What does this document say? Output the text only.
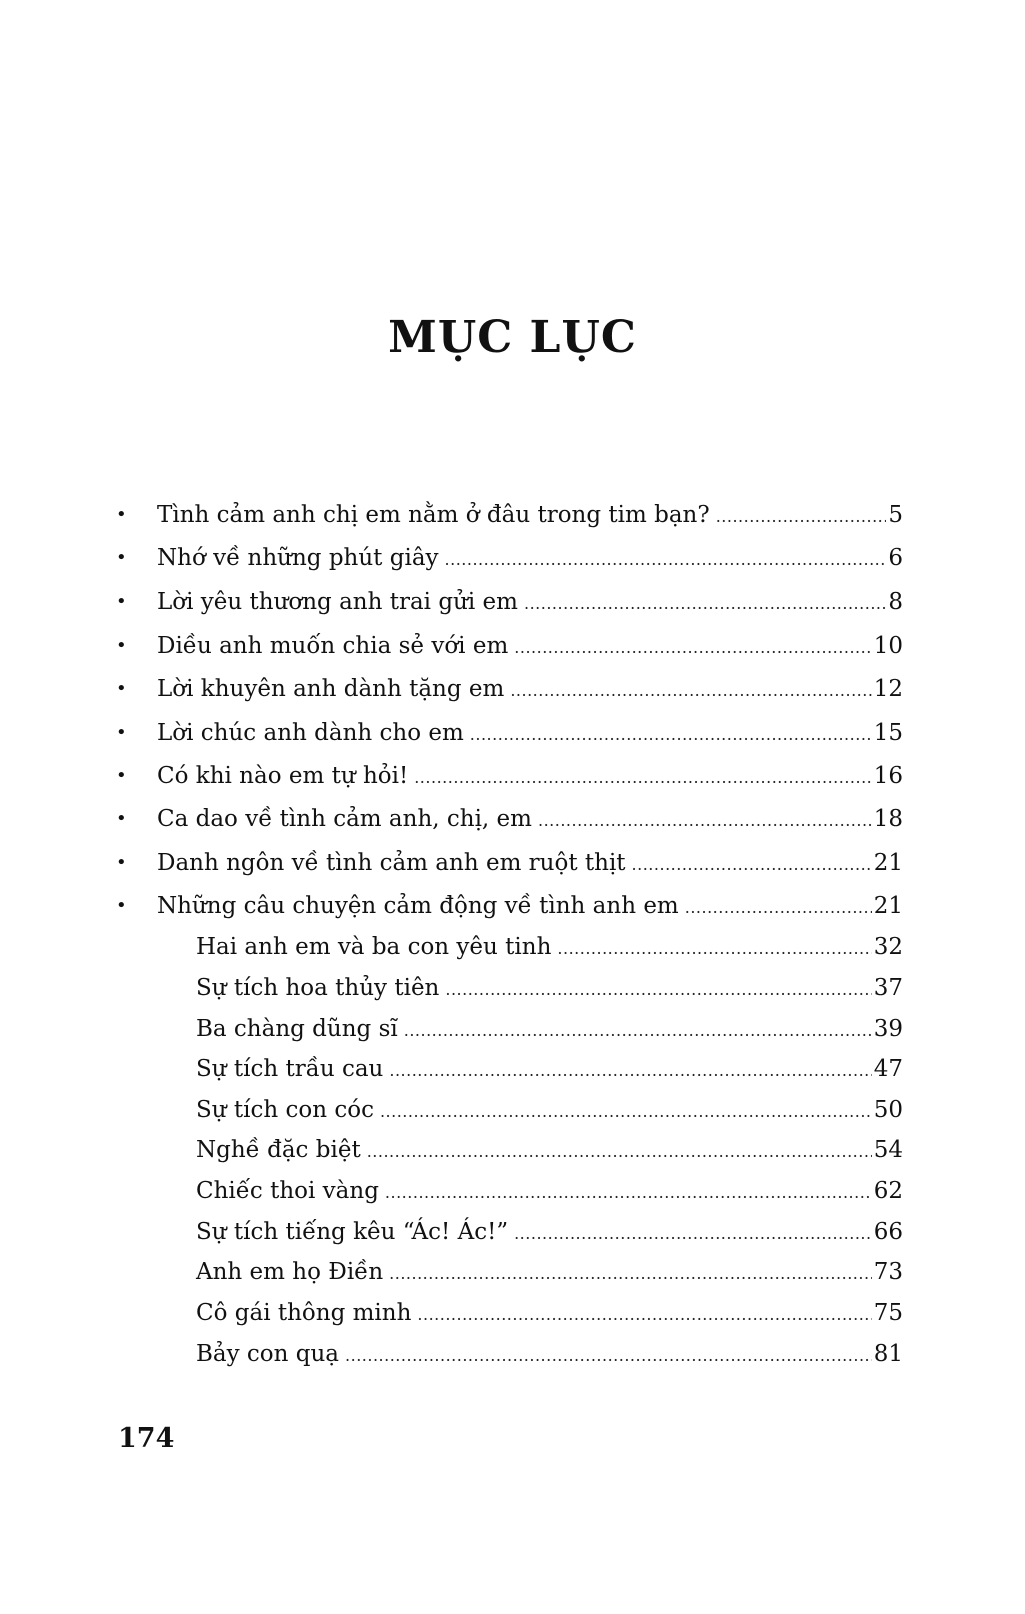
MỤC LỤC
• Tình cảm anh chị em nằm ở đâu trong tim bạn? .....	5
• Nhớ về những phút giây .....	6
• Lời yêu thương anh trai gửi em .....	8
• Diều anh muốn chia sẻ với em .....	10
• Lời khuyên anh dành tặng em .....	12
• Lời chúc anh dành cho em .....	15
• Có khi nào em tự hỏi! .....	16
• Ca dao về tình cảm anh, chị, em .....	18
• Danh ngôn về tình cảm anh em ruột thịt .....	21
• Những câu chuyện cảm động về tình anh em .....	21
Hai anh em và ba con yêu tinh .....	32
Sự tích hoa thủy tiên .....	37
Ba chàng dũng sĩ .....	39
Sự tích trầu cau .....	47
Sự tích con cóc .....	50
Nghề đặc biệt .....	54
Chiếc thoi vàng .....	62
Sự tích tiếng kêu “Ác! Ác!” .....	66
Anh em họ Điền .....	73
Cô gái thông minh .....	75
Bảy con quạ .....	81
174
